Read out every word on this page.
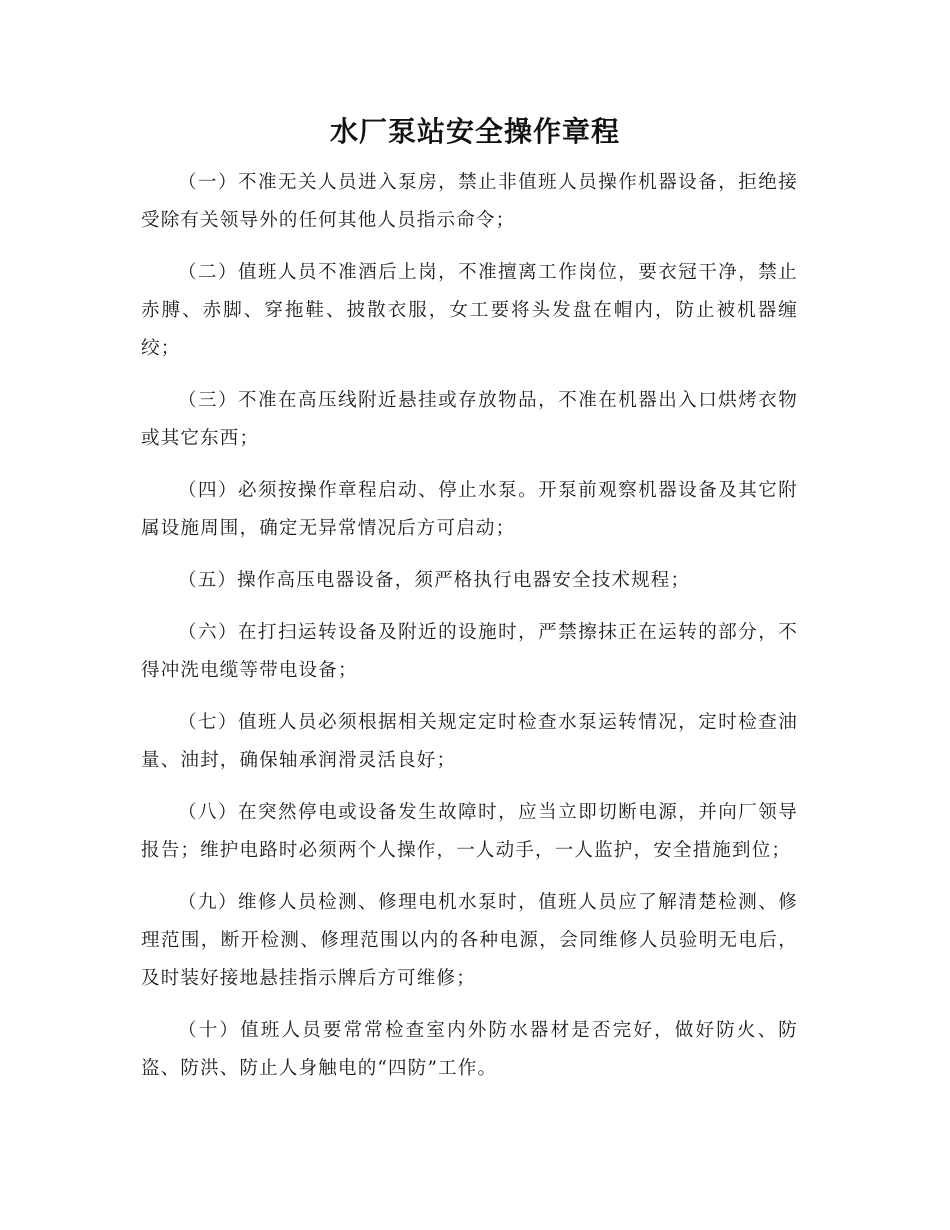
水厂泵站安全操作章程

（一）不准无关人员进入泵房，禁止非值班人员操作机器设备，拒绝接受除有关领导外的任何其他人员指示命令；

（二）值班人员不准酒后上岗，不准擅离工作岗位，要衣冠干净，禁止赤膊、赤脚、穿拖鞋、披散衣服，女工要将头发盘在帽内，防止被机器缠绞；

（三）不准在高压线附近悬挂或存放物品，不准在机器出入口烘烤衣物或其它东西；

（四）必须按操作章程启动、停止水泵。开泵前观察机器设备及其它附属设施周围，确定无异常情况后方可启动；

（五）操作高压电器设备，须严格执行电器安全技术规程；

（六）在打扫运转设备及附近的设施时，严禁擦抹正在运转的部分，不得冲洗电缆等带电设备；

（七）值班人员必须根据相关规定定时检查水泵运转情况，定时检查油量、油封，确保轴承润滑灵活良好；

（八）在突然停电或设备发生故障时，应当立即切断电源，并向厂领导报告；维护电路时必须两个人操作，一人动手，一人监护，安全措施到位；

（九）维修人员检测、修理电机水泵时，值班人员应了解清楚检测、修理范围，断开检测、修理范围以内的各种电源，会同维修人员验明无电后，及时装好接地悬挂指示牌后方可维修；

（十）值班人员要常常检查室内外防水器材是否完好，做好防火、防盗、防洪、防止人身触电的“四防”工作。
